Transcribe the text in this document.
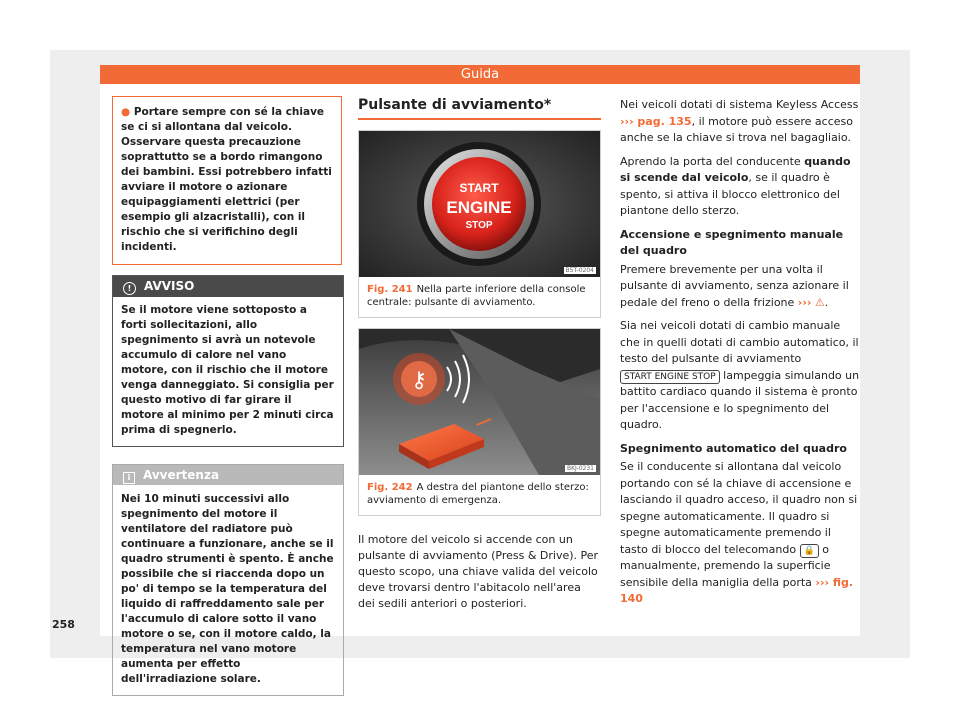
Guida
● Portare sempre con sé la chiave se ci si allontana dal veicolo. Osservare questa precauzione soprattutto se a bordo rimangono dei bambini. Essi potrebbero infatti avviare il motore o azionare equipaggiamenti elettrici (per esempio gli alzacristalli), con il rischio che si verifichino degli incidenti.
! AVVISO
Se il motore viene sottoposto a forti sollecitazioni, allo spegnimento si avrà un notevole accumulo di calore nel vano motore, con il rischio che il motore venga danneggiato. Si consiglia per questo motivo di far girare il motore al minimo per 2 minuti circa prima di spegnerlo.
i Avvertenza
Nei 10 minuti successivi allo spegnimento del motore il ventilatore del radiatore può continuare a funzionare, anche se il quadro strumenti è spento. È anche possibile che si riaccenda dopo un po' di tempo se la temperatura del liquido di raffreddamento sale per l'accumulo di calore sotto il vano motore o se, con il motore caldo, la temperatura nel vano motore aumenta per effetto dell'irradiazione solare.
Pulsante di avviamento*
START
ENGINE
STOP
B5T-0204
Fig. 241 Nella parte inferiore della console centrale: pulsante di avviamento.
⚷
BKJ-0231
Fig. 242 A destra del piantone dello sterzo: avviamento di emergenza.
Il motore del veicolo si accende con un pulsante di avviamento (Press & Drive). Per questo scopo, una chiave valida del veicolo deve trovarsi dentro l'abitacolo nell'area dei sedili anteriori o posteriori.

Nei veicoli dotati di sistema Keyless Access ››› pag. 135, il motore può essere acceso anche se la chiave si trova nel bagagliaio.

Aprendo la porta del conducente quando si scende dal veicolo, se il quadro è spento, si attiva il blocco elettronico del piantone dello sterzo.

Accensione e spegnimento manuale del quadro

Premere brevemente per una volta il pulsante di avviamento, senza azionare il pedale del freno o della frizione ››› ⚠.

Sia nei veicoli dotati di cambio manuale che in quelli dotati di cambio automatico, il testo del pulsante di avviamento START ENGINE STOP lampeggia simulando un battito cardiaco quando il sistema è pronto per l'accensione e lo spegnimento del quadro.

Spegnimento automatico del quadro

Se il conducente si allontana dal veicolo portando con sé la chiave di accensione e lasciando il quadro acceso, il quadro non si spegne automaticamente. Il quadro si spegne automaticamente premendo il tasto di blocco del telecomando 🔒 o manualmente, premendo la superficie sensibile della maniglia della porta ››› fig. 140

258
